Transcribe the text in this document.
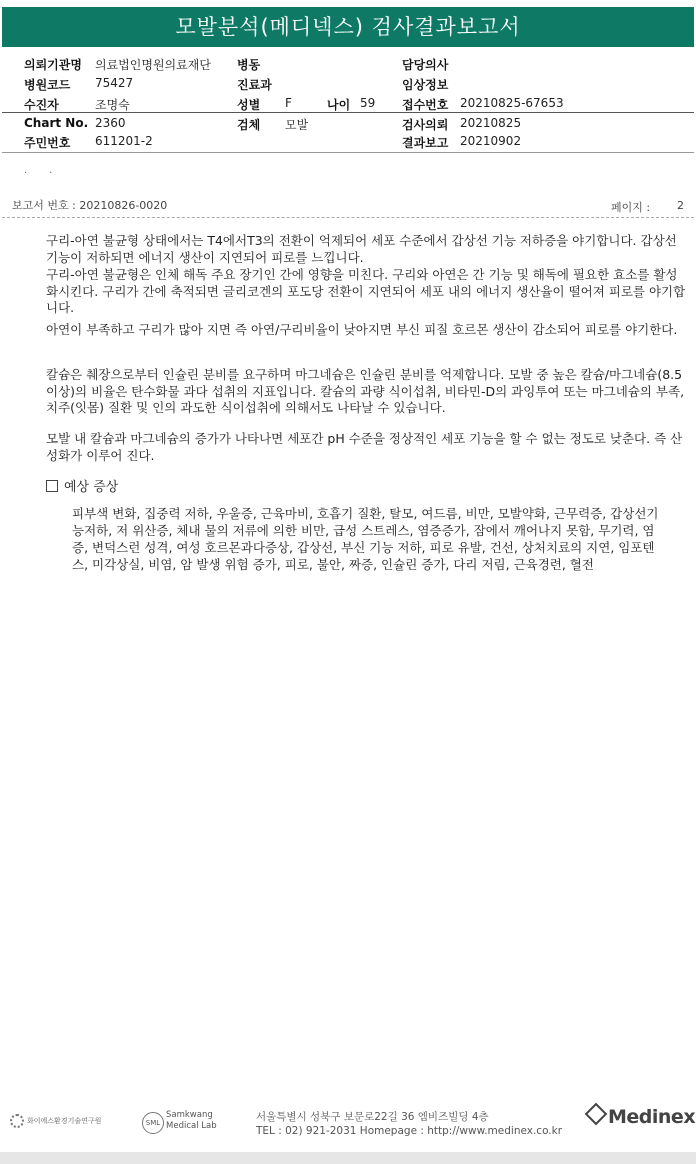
모발분석(메디넥스) 검사결과보고서
의뢰기관명 의료법인명원의료재단
병원코드 75427
수진자	조명숙
Chart No. 2360
주민번호 611201-2
병동
진료과
성별 F	나이 59
검체 모발
담당의사
임상정보
접수번호 20210825-67653
검사의뢰 20210825
결과보고 20210902
··
보고서 번호 : 20210826-0020	페이지 : 2
구리-아연 불균형 상태에서는 T4에서T3의 전환이 억제되어 세포 수준에서 갑상선 기능 저하증을 야기합니다. 갑상선 기능이 저하되면 에너지 생산이 지연되어 피로를 느낍니다.
구리-아연 불균형은 인체 해독 주요 장기인 간에 영향을 미친다. 구리와 아연은 간 기능 및 해독에 필요한 효소를 활성화시킨다. 구리가 간에 축적되면 글리코겐의 포도당 전환이 지연되어 세포 내의 에너지 생산율이 떨어져 피로를 야기합니다.
아연이 부족하고 구리가 많아 지면 즉 아연/구리비율이 낮아지면 부신 피질 호르몬 생산이 감소되어 피로를 야기한다.
칼슘은 췌장으로부터 인슐린 분비를 요구하며 마그네슘은 인슐린 분비를 억제합니다. 모발 중 높은 칼슘/마그네슘(8.5이상)의 비율은 탄수화물 과다 섭취의 지표입니다. 칼슘의 과량 식이섭취, 비타민-D의 과잉투여 또는 마그네슘의 부족, 치주(잇몸) 질환 및 인의 과도한 식이섭취에 의해서도 나타날 수 있습니다.
모발 내 칼슘과 마그네슘의 증가가 나타나면 세포간 pH 수준을 정상적인 세포 기능을 할 수 없는 정도로 낮춘다. 즉 산성화가 이루어 진다.
예상 증상
피부색 변화, 집중력 저하, 우울증, 근육마비, 호흡기 질환, 탈모, 여드름, 비만, 모발약화, 근무력증, 갑상선기능저하, 저 위산증, 체내 물의 저류에 의한 비만, 급성 스트레스, 염증증가, 잠에서 깨어나지 못함, 무기력, 염증, 변덕스런 성격, 여성 호르몬과다증상, 갑상선, 부신 기능 저하, 피로 유발, 건선, 상처치료의 지연, 임포텐스, 미각상실, 비염, 암 발생 위험 증가, 피로, 불안, 짜증, 인슐린 증가, 다리 저림, 근육경련, 혈전
화이에스환경기술연구원	SML
Samkwang
Medical Lab
서울특별시 성북구 보문로22길 36 엠비즈빌딩 4층
TEL : 02) 921-2031 Homepage : http://www.medinex.co.kr
Medinex
